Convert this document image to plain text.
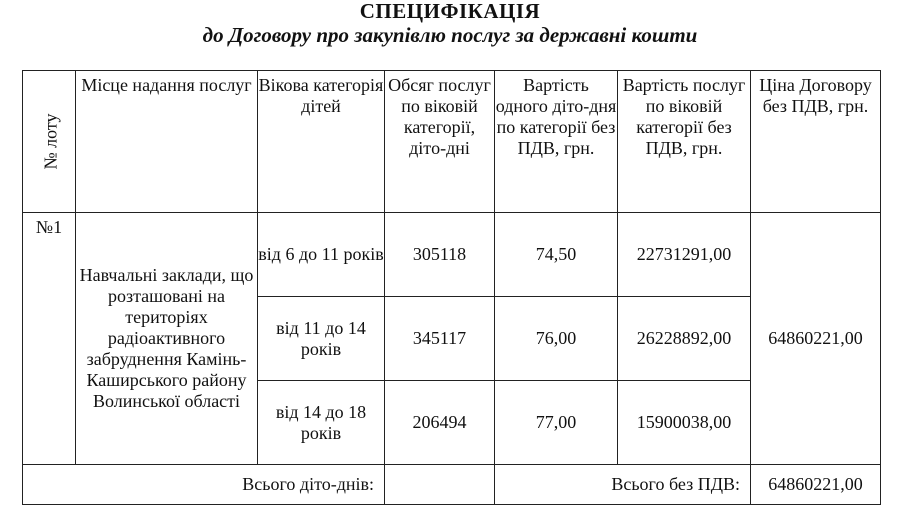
СПЕЦИФІКАЦІЯ
до Договору про закупівлю послуг за державні кошти
№ лоту	Місце надання послуг	Вікова категорія дітей	Обсяг послуг по віковій категорії, дітo-дні	Вартість одного діто-дня по категорії без ПДВ, грн.	Вартість послуг по віковій категорії без ПДВ, грн.	Ціна Договору без ПДВ, грн.
№1	Навчальні заклади, що розташовані на територіях радіоактивного забруднення Камінь-Каширського району Волинської області	від 6 до 11 років	305118	74,50	22731291,00	64860221,00
		від 11 до 14 років	345117	76,00	26228892,00	
		від 14 до 18 років	206494	77,00	15900038,00	
Всього діто-днів:				Всього без ПДВ:		64860221,00
